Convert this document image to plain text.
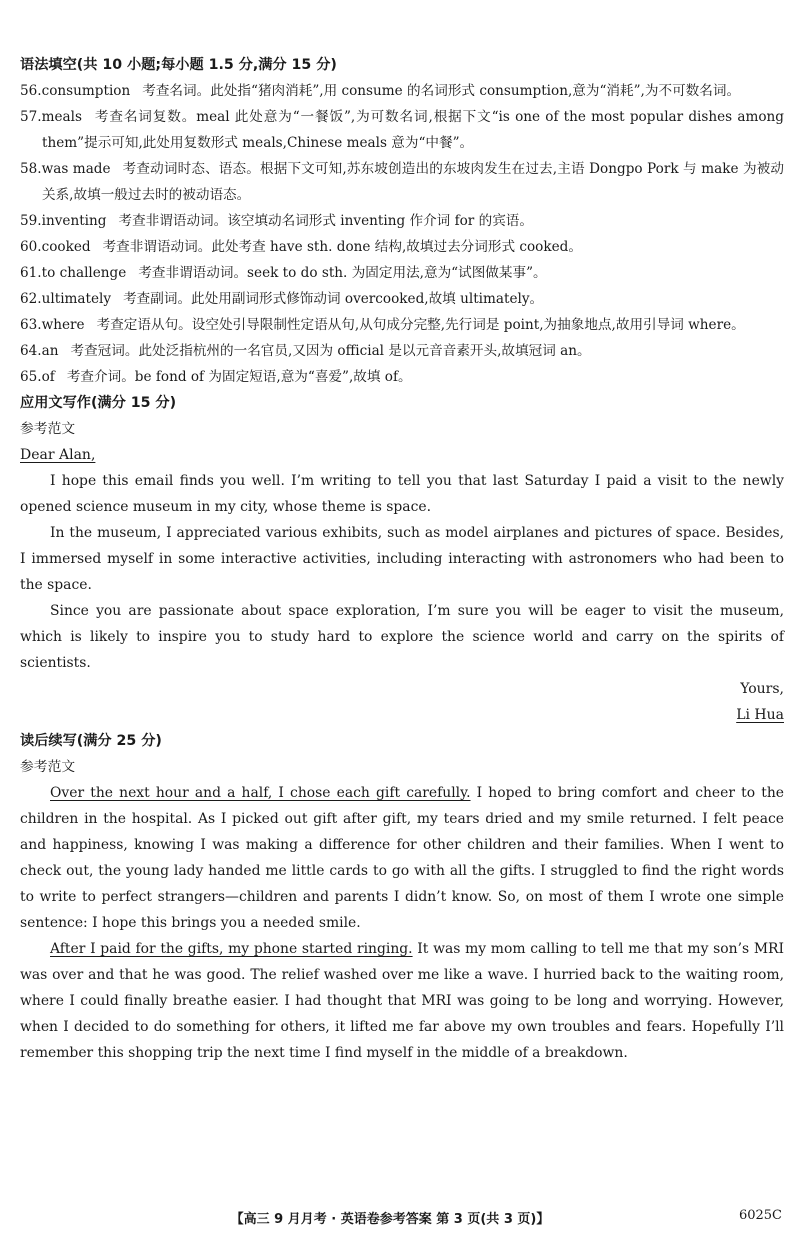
语法填空(共 10 小题;每小题 1.5 分,满分 15 分)
56.consumption 考查名词。此处指“猪肉消耗”,用 consume 的名词形式 consumption,意为“消耗”,为不可数名词。
57.meals 考查名词复数。meal 此处意为“一餐饭”,为可数名词,根据下文“is one of the most popular dishes among them”提示可知,此处用复数形式 meals,Chinese meals 意为“中餐”。
58.was made 考查动词时态、语态。根据下文可知,苏东坡创造出的东坡肉发生在过去,主语 Dongpo Pork 与 make 为被动关系,故填一般过去时的被动语态。
59.inventing 考查非谓语动词。该空填动名词形式 inventing 作介词 for 的宾语。
60.cooked 考查非谓语动词。此处考查 have sth. done 结构,故填过去分词形式 cooked。
61.to challenge 考查非谓语动词。seek to do sth. 为固定用法,意为“试图做某事”。
62.ultimately 考查副词。此处用副词形式修饰动词 overcooked,故填 ultimately。
63.where 考查定语从句。设空处引导限制性定语从句,从句成分完整,先行词是 point,为抽象地点,故用引导词 where。
64.an 考查冠词。此处泛指杭州的一名官员,又因为 official 是以元音音素开头,故填冠词 an。
65.of 考查介词。be fond of 为固定短语,意为“喜爱”,故填 of。
应用文写作(满分 15 分)
参考范文
Dear Alan,

I hope this email finds you well. I’m writing to tell you that last Saturday I paid a visit to the newly opened science museum in my city, whose theme is space.

In the museum, I appreciated various exhibits, such as model airplanes and pictures of space. Besides, I immersed myself in some interactive activities, including interacting with astronomers who had been to the space.

Since you are passionate about space exploration, I’m sure you will be eager to visit the museum, which is likely to inspire you to study hard to explore the science world and carry on the spirits of scientists.

Yours,

Li Hua

读后续写(满分 25 分)
参考范文

Over the next hour and a half, I chose each gift carefully. I hoped to bring comfort and cheer to the children in the hospital. As I picked out gift after gift, my tears dried and my smile returned. I felt peace and happiness, knowing I was making a difference for other children and their families. When I went to check out, the young lady handed me little cards to go with all the gifts. I struggled to find the right words to write to perfect strangers—children and parents I didn’t know. So, on most of them I wrote one simple sentence: I hope this brings you a needed smile.

After I paid for the gifts, my phone started ringing. It was my mom calling to tell me that my son’s MRI was over and that he was good. The relief washed over me like a wave. I hurried back to the waiting room, where I could finally breathe easier. I had thought that MRI was going to be long and worrying. However, when I decided to do something for others, it lifted me far above my own troubles and fears. Hopefully I’ll remember this shopping trip the next time I find myself in the middle of a breakdown.

【高三 9 月月考 · 英语卷参考答案 第 3 页(共 3 页)】	6025C
